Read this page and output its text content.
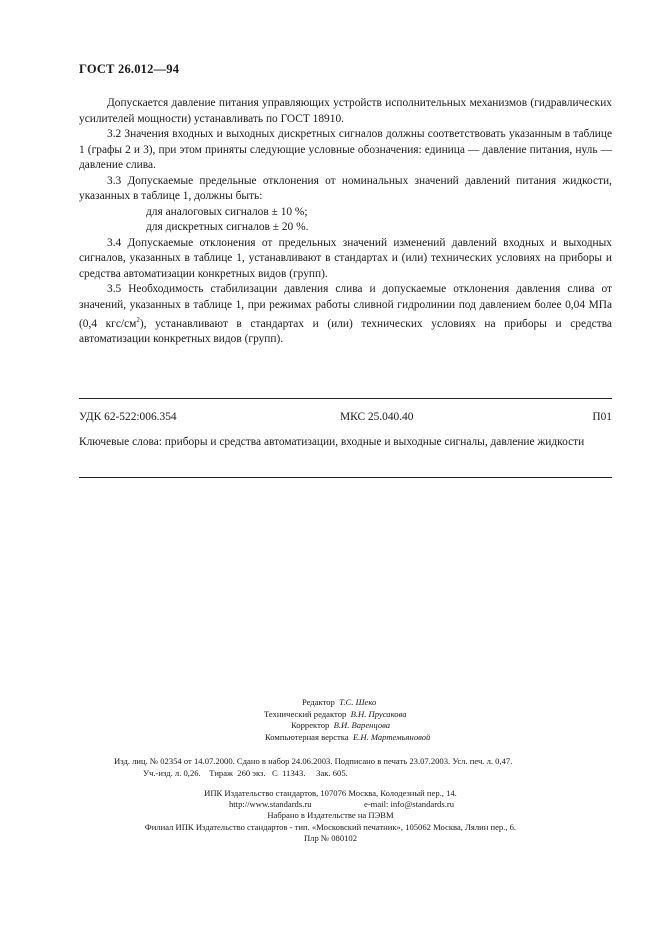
ГОСТ 26.012—94

Допускается давление питания управляющих устройств исполнительных механизмов (гидравлических усилителей мощности) устанавливать по ГОСТ 18910.

3.2 Значения входных и выходных дискретных сигналов должны соответствовать указанным в таблице 1 (графы 2 и 3), при этом приняты следующие условные обозначения: единица — давление питания, нуль — давление слива.

3.3 Допускаемые предельные отклонения от номинальных значений давлений питания жидкости, указанных в таблице 1, должны быть:

для аналоговых сигналов ± 10 %;

для дискретных сигналов ± 20 %.

3.4 Допускаемые отклонения от предельных значений изменений давлений входных и выходных сигналов, указанных в таблице 1, устанавливают в стандартах и (или) технических условиях на приборы и средства автоматизации конкретных видов (групп).

3.5 Необходимость стабилизации давления слива и допускаемые отклонения давления слива от значений, указанных в таблице 1, при режимах работы сливной гидролинии под давлением более 0,04 МПа (0,4 кгс/$см^2$), устанавливают в стандартах и (или) технических условиях на приборы и средства автоматизации конкретных видов (групп).

УДК 62-522:006.354	МКС 25.040.40	П01
Ключевые слова: приборы и средства автоматизации, входные и выходные сигналы, давление жидкости
Редактор Т.С. Шеко
Технический редактор В.Н. Прусакова
Корректор В.И. Варенцова
Компьютерная верстка Е.Н. Мартемьяновой
Изд. лиц. № 02354 от 14.07.2000. Сдано в набор 24.06.2003. Подписано в печать 23.07.2003. Усл. печ. л. 0,47.
Уч.-изд. л. 0,26.    Тираж  260 экз.   С  11343.     Зак. 605.
ИПК Издательство стандартов, 107076 Москва, Колодезный пер., 14.
http://www.standards.ru	e-mail: info@standards.ru
Набрано в Издательстве на ПЭВМ
Филиал ИПК Издательство стандартов - тип. «Московский печатник», 105062 Москва, Лялин пер., 6.
Плр № 080102
